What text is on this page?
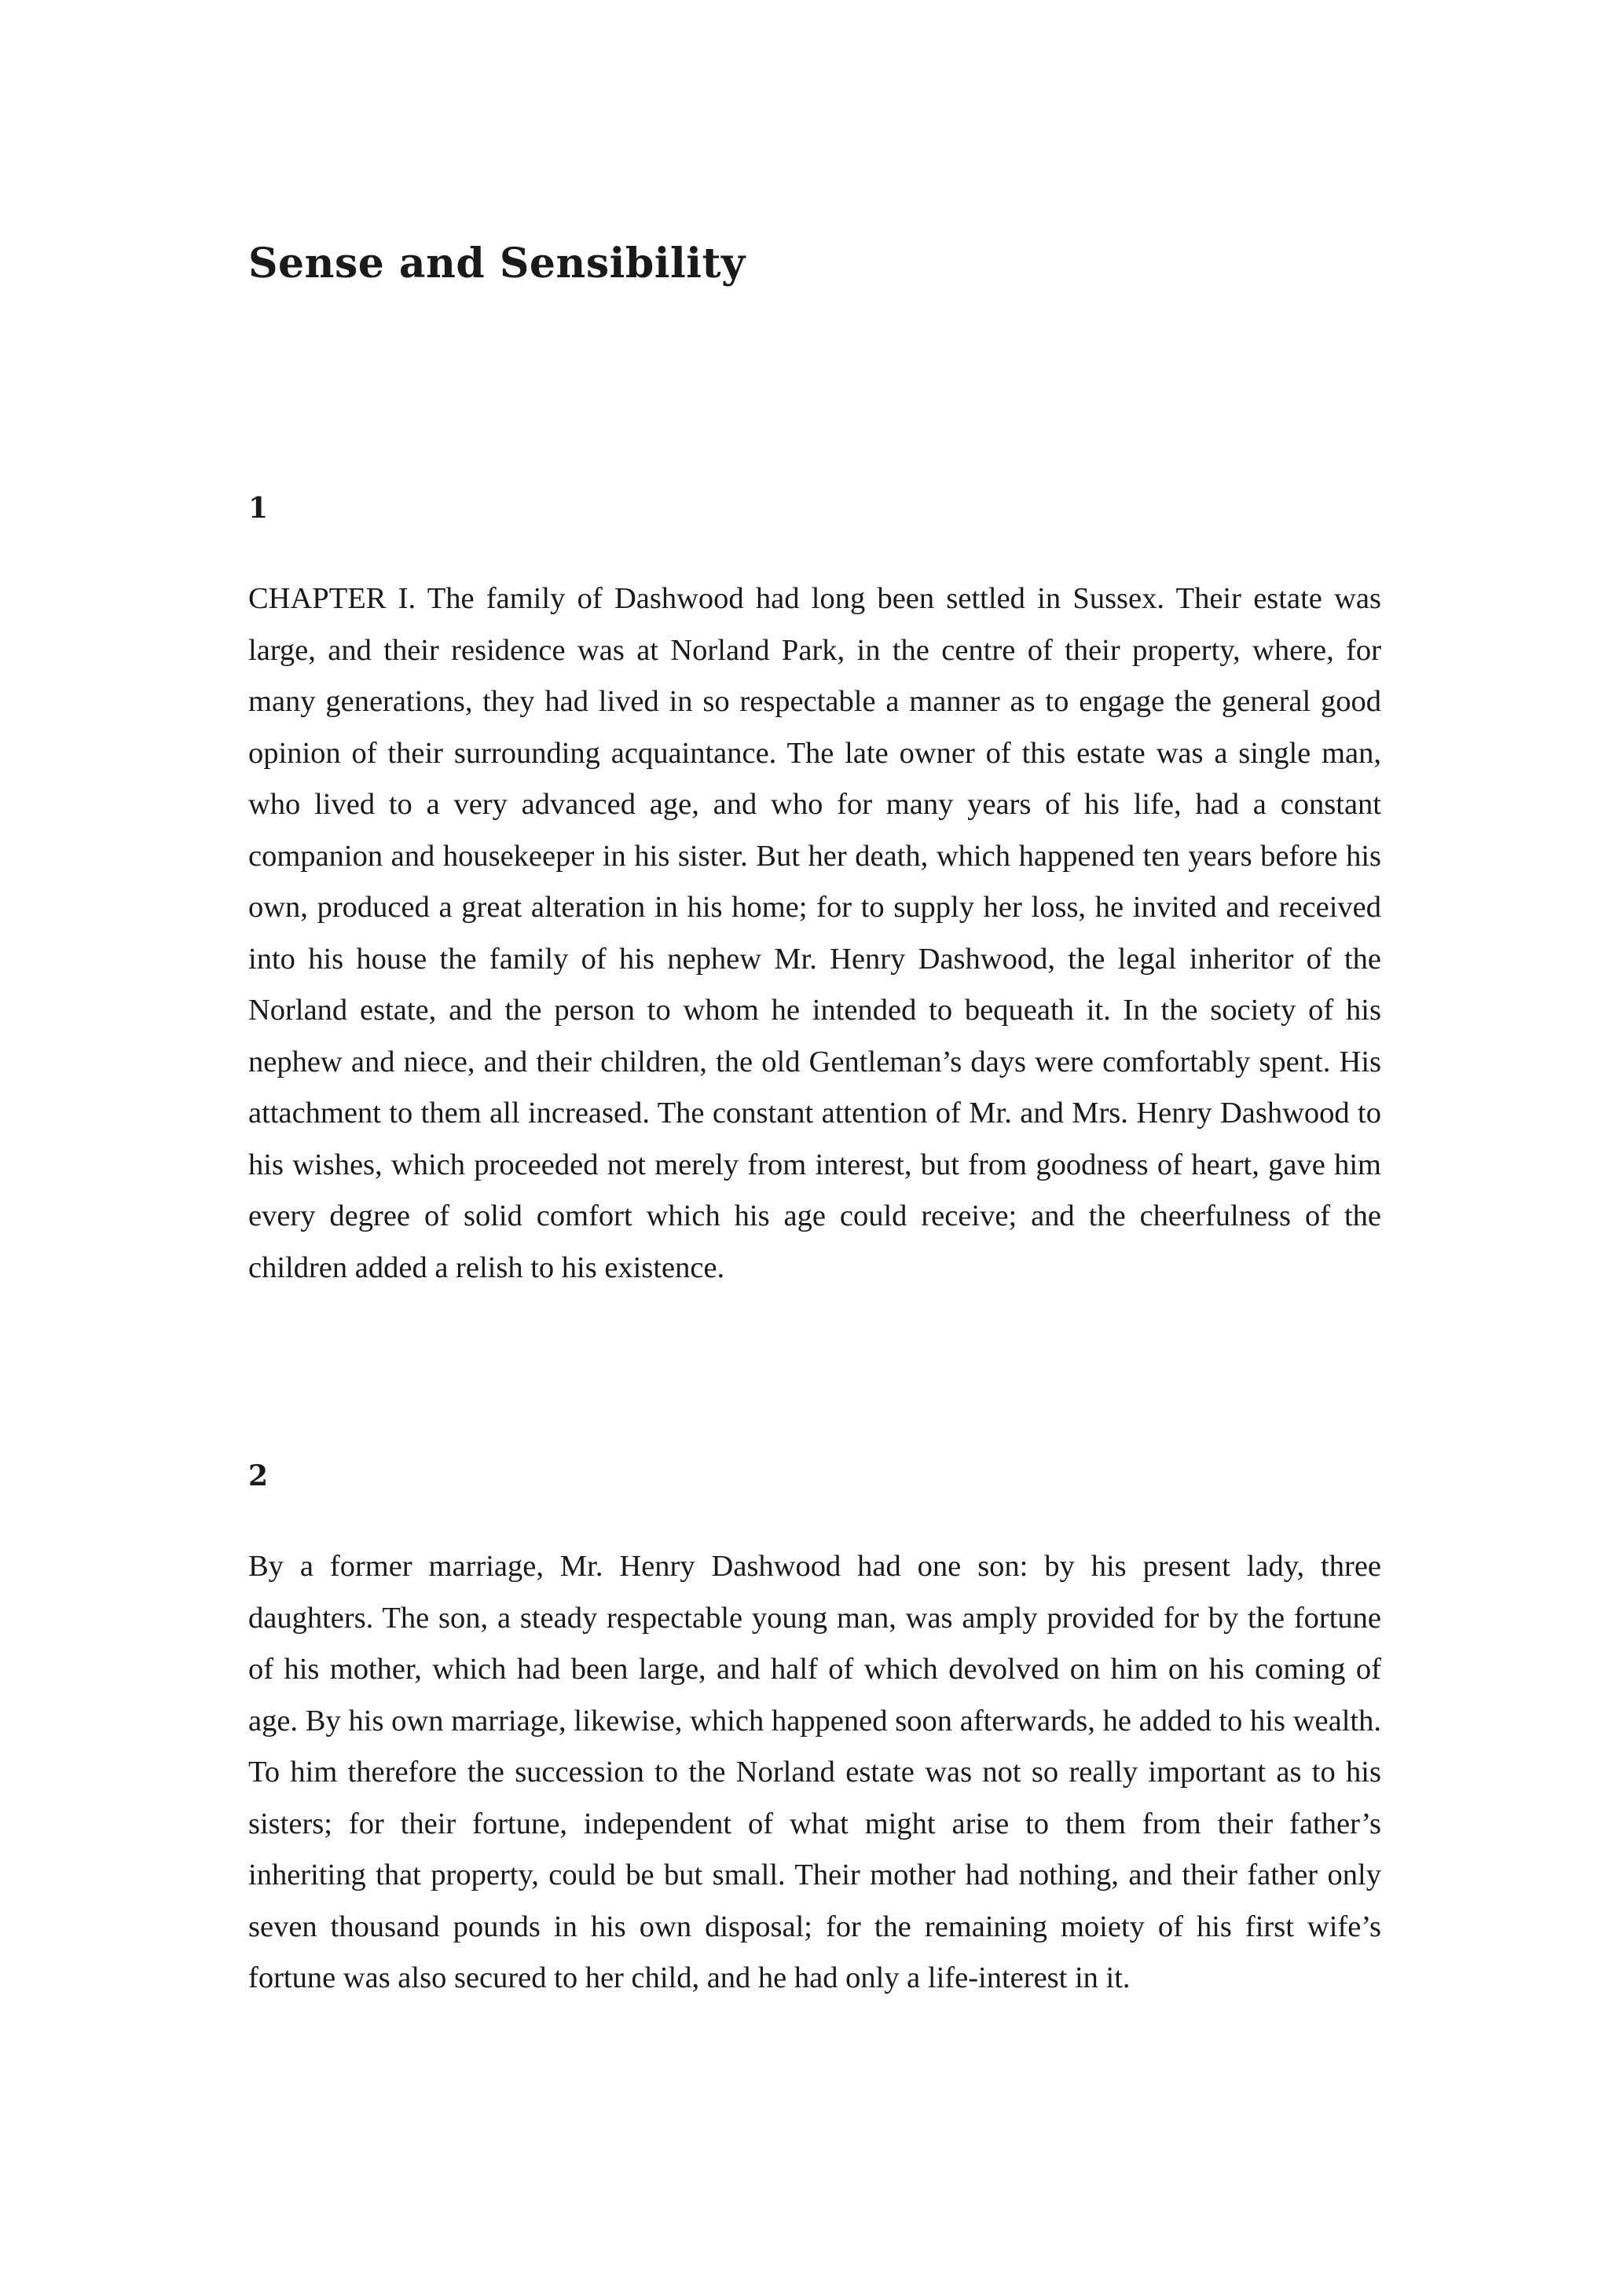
Sense and Sensibility
1

CHAPTER I. The family of Dashwood had long been settled in Sussex. Their estate was large, and their residence was at Norland Park, in the centre of their property, where, for many generations, they had lived in so respectable a manner as to engage the general good opinion of their surrounding acquaintance. The late owner of this estate was a single man, who lived to a very advanced age, and who for many years of his life, had a constant companion and housekeeper in his sister. But her death, which happened ten years before his own, produced a great alteration in his home; for to supply her loss, he invited and received into his house the family of his nephew Mr. Henry Dashwood, the legal inheritor of the Norland estate, and the person to whom he intended to bequeath it. In the society of his nephew and niece, and their children, the old Gentleman’s days were comfortably spent. His attachment to them all increased. The constant attention of Mr. and Mrs. Henry Dashwood to his wishes, which proceeded not merely from interest, but from goodness of heart, gave him every degree of solid comfort which his age could receive; and the cheerfulness of the children added a relish to his existence.

2

By a former marriage, Mr. Henry Dashwood had one son: by his present lady, three daughters. The son, a steady respectable young man, was amply provided for by the fortune of his mother, which had been large, and half of which devolved on him on his coming of age. By his own marriage, likewise, which happened soon afterwards, he added to his wealth. To him therefore the succession to the Norland estate was not so really important as to his sisters; for their fortune, independent of what might arise to them from their father’s inheriting that property, could be but small. Their mother had nothing, and their father only seven thousand pounds in his own disposal; for the remaining moiety of his first wife’s fortune was also secured to her child, and he had only a life-interest in it.
